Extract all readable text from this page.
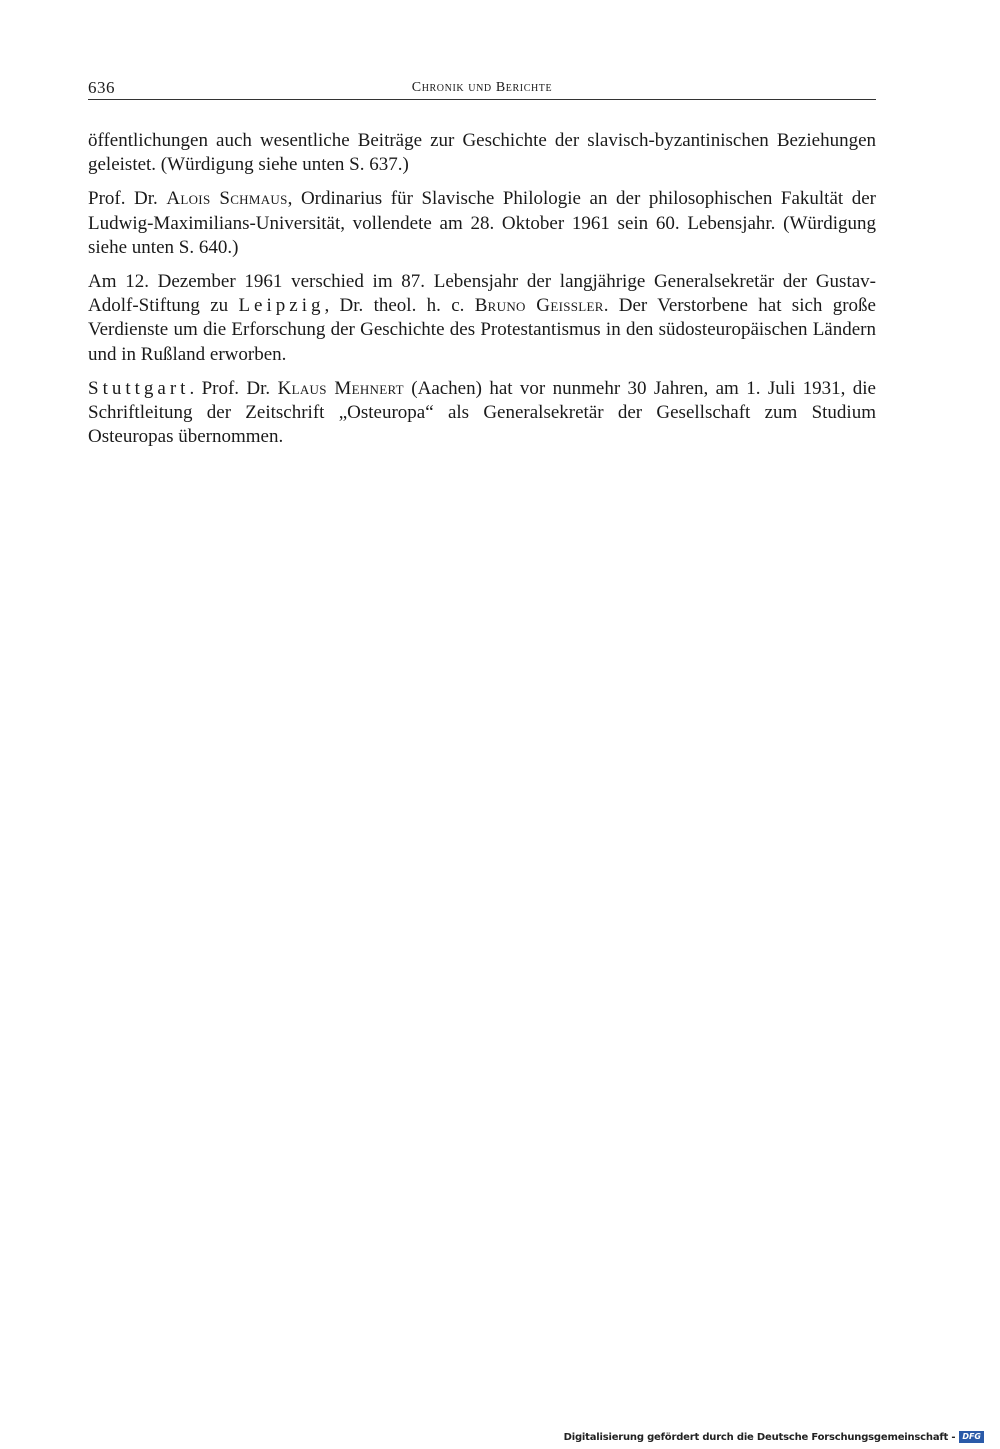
636	Chronik und Berichte

öffentlichungen auch wesentliche Beiträge zur Geschichte der slavisch-byzantinischen Beziehungen geleistet. (Würdigung siehe unten S. 637.)

Prof. Dr. Alois Schmaus, Ordinarius für Slavische Philologie an der philosophischen Fakultät der Ludwig-Maximilians-Universität, vollendete am 28. Oktober 1961 sein 60. Lebensjahr. (Würdigung siehe unten S. 640.)

Am 12. Dezember 1961 verschied im 87. Lebensjahr der langjährige Generalsekretär der Gustav-Adolf-Stiftung zu Leipzig, Dr. theol. h. c. Bruno Geissler. Der Verstorbene hat sich große Verdienste um die Erforschung der Geschichte des Protestantismus in den südosteuropäischen Ländern und in Rußland erworben.

Stuttgart. Prof. Dr. Klaus Mehnert (Aachen) hat vor nunmehr 30 Jahren, am 1. Juli 1931, die Schriftleitung der Zeitschrift „Osteuropa“ als Generalsekretär der Gesellschaft zum Studium Osteuropas übernommen.

Digitalisierung gefördert durch die Deutsche Forschungsgemeinschaft - DFG
